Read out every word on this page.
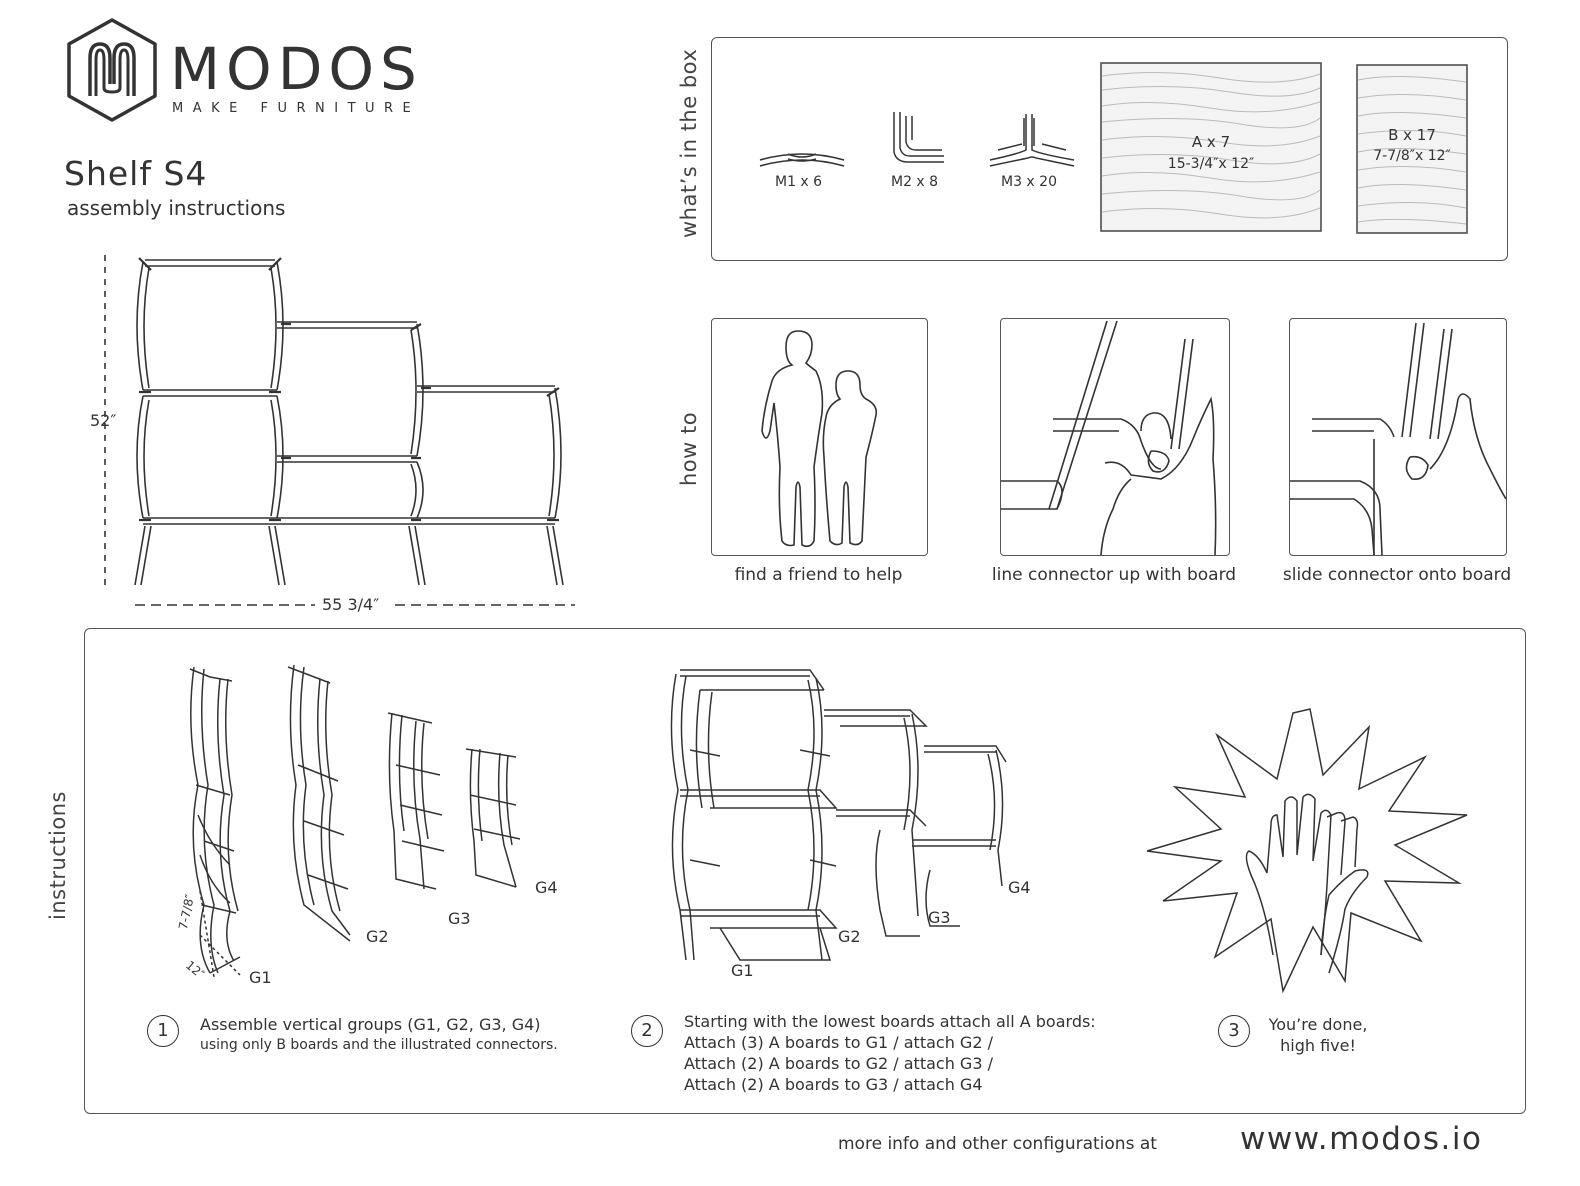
MODOS
MAKE FURNITURE
Shelf S4
assembly instructions
52″
55 3/4″
what’s in the box	M1 x 6	M2 x 8	M3 x 20
A x 7
15-3/4″x 12″
B x 17
7-7/8″x 12″
how to
find a friend to help	line connector up with board	slide connector onto board
instructions
G1
G2
G3
G4
7-7/8″
12″	G1
G2
G3
G4
1	Assemble vertical groups (G1, G2, G3, G4)
using only B boards and the illustrated connectors.
2	Starting with the lowest boards attach all A boards:
Attach (3) A boards to G1 / attach G2 /
Attach (2) A boards to G2 / attach G3 /
Attach (2) A boards to G3 / attach G4
3	You’re done,
high five!
more info and other configurations at	www.modos.io
